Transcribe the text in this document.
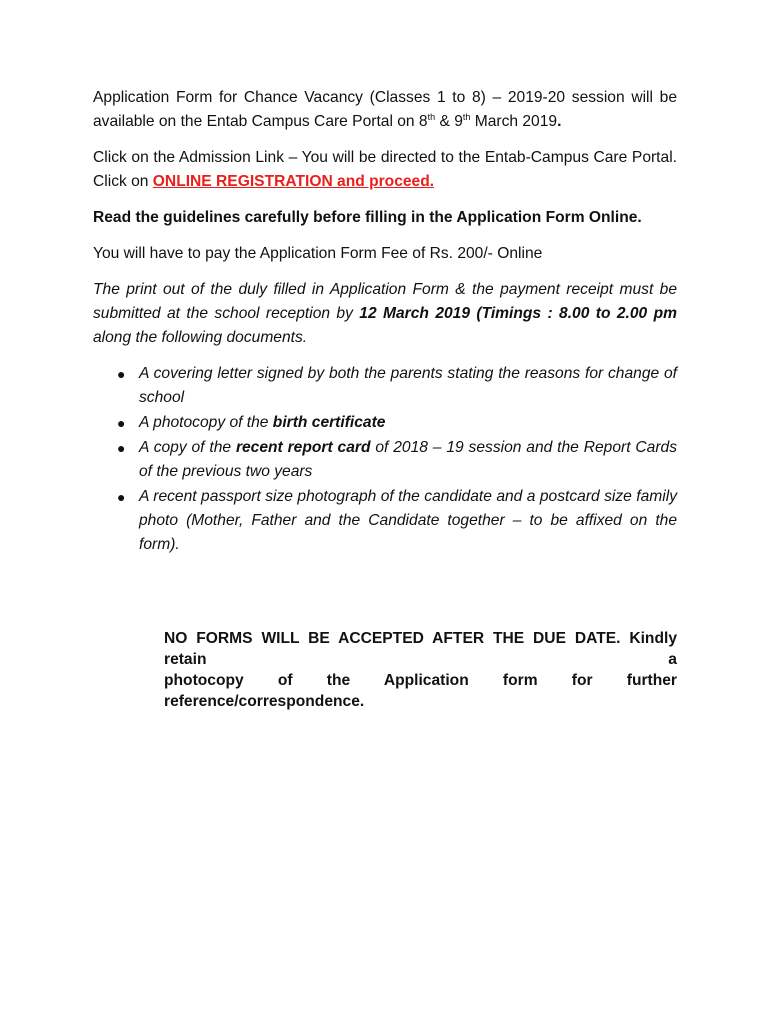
Application Form for Chance Vacancy (Classes 1 to 8) – 2019-20 session will be available on the Entab Campus Care Portal on 8th & 9th March 2019.

Click on the Admission Link – You will be directed to the Entab-Campus Care Portal. Click on ONLINE REGISTRATION and proceed.

Read the guidelines carefully before filling in the Application Form Online.

You will have to pay the Application Form Fee of Rs. 200/- Online

The print out of the duly filled in Application Form & the payment receipt must be submitted at the school reception by 12 March 2019 (Timings : 8.00 to 2.00 pm along the following documents.

● A covering letter signed by both the parents stating the reasons for change of school
● A photocopy of the birth certificate
● A copy of the recent report card of 2018 – 19 session and the Report Cards of the previous two years
● A recent passport size photograph of the candidate and a postcard size family photo (Mother, Father and the Candidate together – to be affixed on the form).
NO FORMS WILL BE ACCEPTED AFTER THE DUE DATE. Kindly retain a
photocopy of the Application form for further
reference/correspondence.
